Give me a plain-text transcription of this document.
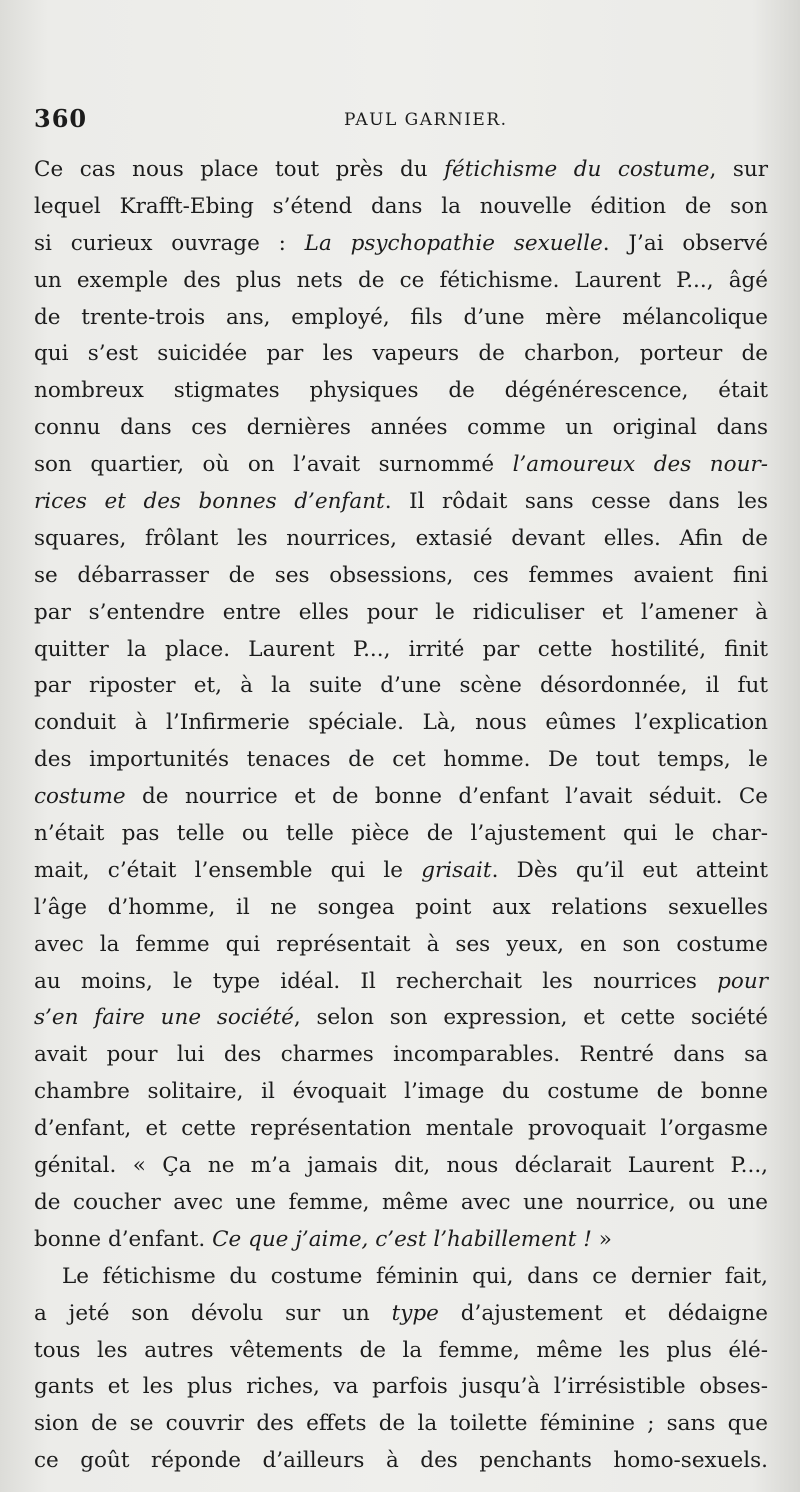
360	PAUL GARNIER.
Ce cas nous place tout près du fétichisme du costume, sur
lequel Krafft-Ebing s’étend dans la nouvelle édition de son
si curieux ouvrage : La psychopathie sexuelle. J’ai observé
un exemple des plus nets de ce fétichisme. Laurent P..., âgé
de trente-trois ans, employé, fils d’une mère mélancolique
qui s’est suicidée par les vapeurs de charbon, porteur de
nombreux stigmates physiques de dégénérescence, était
connu dans ces dernières années comme un original dans
son quartier, où on l’avait surnommé l’amoureux des nour-
rices et des bonnes d’enfant. Il rôdait sans cesse dans les
squares, frôlant les nourrices, extasié devant elles. Afin de
se débarrasser de ses obsessions, ces femmes avaient fini
par s’entendre entre elles pour le ridiculiser et l’amener à
quitter la place. Laurent P..., irrité par cette hostilité, finit
par riposter et, à la suite d’une scène désordonnée, il fut
conduit à l’Infirmerie spéciale. Là, nous eûmes l’explication
des importunités tenaces de cet homme. De tout temps, le
costume de nourrice et de bonne d’enfant l’avait séduit. Ce
n’était pas telle ou telle pièce de l’ajustement qui le char-
mait, c’était l’ensemble qui le grisait. Dès qu’il eut atteint
l’âge d’homme, il ne songea point aux relations sexuelles
avec la femme qui représentait à ses yeux, en son costume
au moins, le type idéal. Il recherchait les nourrices pour
s’en faire une société, selon son expression, et cette société
avait pour lui des charmes incomparables. Rentré dans sa
chambre solitaire, il évoquait l’image du costume de bonne
d’enfant, et cette représentation mentale provoquait l’orgasme
génital. « Ça ne m’a jamais dit, nous déclarait Laurent P...,
de coucher avec une femme, même avec une nourrice, ou une
bonne d’enfant. Ce que j’aime, c’est l’habillement ! »
Le fétichisme du costume féminin qui, dans ce dernier fait,
a jeté son dévolu sur un type d’ajustement et dédaigne
tous les autres vêtements de la femme, même les plus élé-
gants et les plus riches, va parfois jusqu’à l’irrésistible obses-
sion de se couvrir des effets de la toilette féminine ; sans que
ce goût réponde d’ailleurs à des penchants homo-sexuels.
